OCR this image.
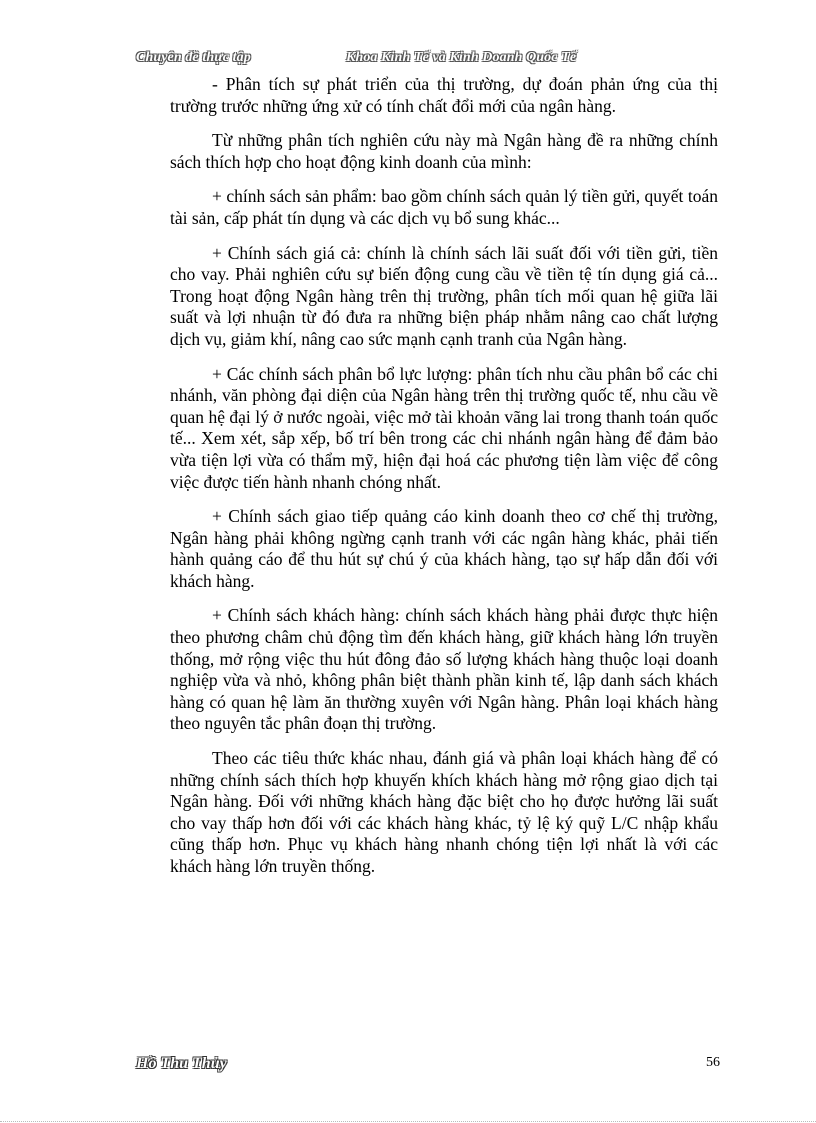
Chuyên đề thực tập	Khoa Kinh Tế và Kinh Doanh Quốc Tế

- Phân tích sự phát triển của thị trường, dự đoán phản ứng của thị trường trước những ứng xử có tính chất đổi mới của ngân hàng.

Từ những phân tích nghiên cứu này mà Ngân hàng đề ra những chính sách thích hợp cho hoạt động kinh doanh của mình:

+ chính sách sản phẩm: bao gồm chính sách quản lý tiền gửi, quyết toán tài sản, cấp phát tín dụng và các dịch vụ bổ sung khác...

+ Chính sách giá cả: chính là chính sách lãi suất đối với tiền gửi, tiền cho vay. Phải nghiên cứu sự biến động cung cầu về tiền tệ tín dụng giá cả... Trong hoạt động Ngân hàng trên thị trường, phân tích mối quan hệ giữa lãi suất và lợi nhuận từ đó đưa ra những biện pháp nhằm nâng cao chất lượng dịch vụ, giảm khí, nâng cao sức mạnh cạnh tranh của Ngân hàng.

+ Các chính sách phân bổ lực lượng: phân tích nhu cầu phân bổ các chi nhánh, văn phòng đại diện của Ngân hàng trên thị trường quốc tế, nhu cầu về quan hệ đại lý ở nước ngoài, việc mở tài khoản vãng lai trong thanh toán quốc tế... Xem xét, sắp xếp, bố trí bên trong các chi nhánh ngân hàng để đảm bảo vừa tiện lợi vừa có thẩm mỹ, hiện đại hoá các phương tiện làm việc để công việc được tiến hành nhanh chóng nhất.

+ Chính sách giao tiếp quảng cáo kinh doanh theo cơ chế thị trường, Ngân hàng phải không ngừng cạnh tranh với các ngân hàng khác, phải tiến hành quảng cáo để thu hút sự chú ý của khách hàng, tạo sự hấp dẫn đối với khách hàng.

+ Chính sách khách hàng: chính sách khách hàng phải được thực hiện theo phương châm chủ động tìm đến khách hàng, giữ khách hàng lớn truyền thống, mở rộng việc thu hút đông đảo số lượng khách hàng thuộc loại doanh nghiệp vừa và nhỏ, không phân biệt thành phần kinh tế, lập danh sách khách hàng có quan hệ làm ăn thường xuyên với Ngân hàng. Phân loại khách hàng theo nguyên tắc phân đoạn thị trường.

Theo các tiêu thức khác nhau, đánh giá và phân loại khách hàng để có những chính sách thích hợp khuyến khích khách hàng mở rộng giao dịch tại Ngân hàng. Đối với những khách hàng đặc biệt cho họ được hưởng lãi suất cho vay thấp hơn đối với các khách hàng khác, tỷ lệ ký quỹ L/C nhập khẩu cũng thấp hơn. Phục vụ khách hàng nhanh chóng tiện lợi nhất là với các khách hàng lớn truyền thống.

Hồ Thu Thủy	56
